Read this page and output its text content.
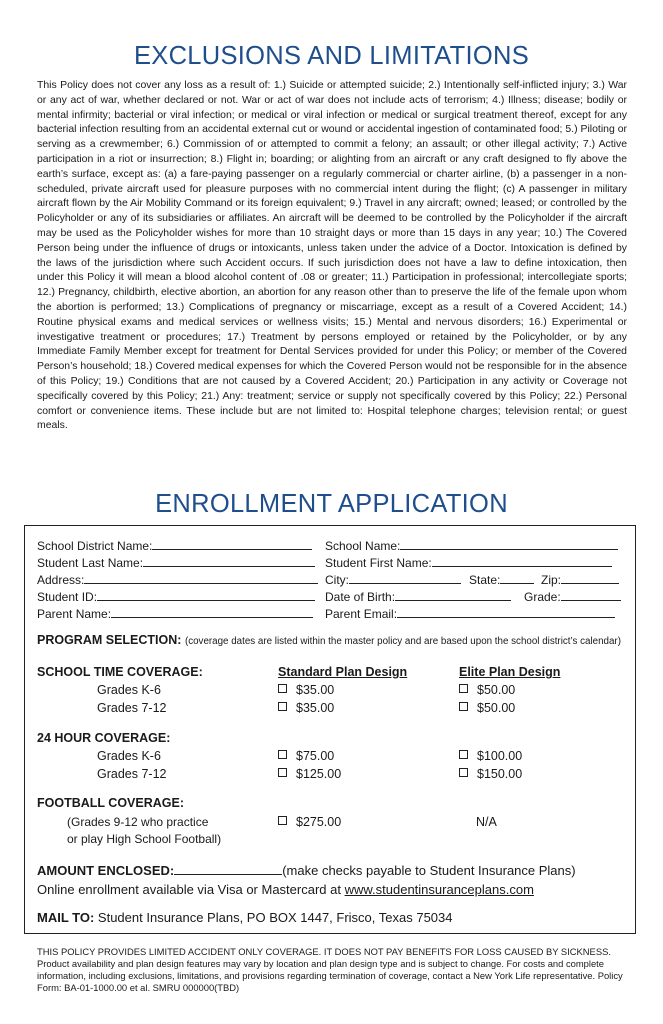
EXCLUSIONS AND LIMITATIONS

This Policy does not cover any loss as a result of: 1.) Suicide or attempted suicide; 2.) Intentionally self-inflicted injury; 3.) War or any act of war, whether declared or not. War or act of war does not include acts of terrorism; 4.) Illness; disease; bodily or mental infirmity; bacterial or viral infection; or medical or viral infection or medical or surgical treatment thereof, except for any bacterial infection resulting from an accidental external cut or wound or accidental ingestion of contaminated food; 5.) Piloting or serving as a crewmember; 6.) Commission of or attempted to commit a felony; an assault; or other illegal activity; 7.) Active participation in a riot or insurrection; 8.) Flight in; boarding; or alighting from an aircraft or any craft designed to fly above the earth’s surface, except as: (a) a fare-paying passenger on a regularly commercial or charter airline, (b) a passenger in a non-scheduled, private aircraft used for pleasure purposes with no commercial intent during the flight; (c) A passenger in military aircraft flown by the Air Mobility Command or its foreign equivalent; 9.) Travel in any aircraft; owned; leased; or controlled by the Policyholder or any of its subsidiaries or affiliates. An aircraft will be deemed to be controlled by the Policyholder if the aircraft may be used as the Policyholder wishes for more than 10 straight days or more than 15 days in any year; 10.) The Covered Person being under the influence of drugs or intoxicants, unless taken under the advice of a Doctor. Intoxication is defined by the laws of the jurisdiction where such Accident occurs. If such jurisdiction does not have a law to define intoxication, then under this Policy it will mean a blood alcohol content of .08 or greater; 11.) Participation in professional; intercollegiate sports; 12.) Pregnancy, childbirth, elective abortion, an abortion for any reason other than to preserve the life of the female upon whom the abortion is performed; 13.) Complications of pregnancy or miscarriage, except as a result of a Covered Accident; 14.) Routine physical exams and medical services or wellness visits; 15.) Mental and nervous disorders; 16.) Experimental or investigative treatment or procedures; 17.) Treatment by persons employed or retained by the Policyholder, or by any Immediate Family Member except for treatment for Dental Services provided for under this Policy; or member of the Covered Person’s household; 18.) Covered medical expenses for which the Covered Person would not be responsible for in the absence of this Policy; 19.) Conditions that are not caused by a Covered Accident; 20.) Participation in any activity or Coverage not specifically covered by this Policy; 21.) Any: treatment; service or supply not specifically covered by this Policy; 22.) Personal comfort or convenience items. These include but are not limited to: Hospital telephone charges; television rental; or guest meals.

ENROLLMENT APPLICATION
School District Name:	School Name:
Student Last Name:	Student First Name:
Address:	City:	State:	Zip:
Student ID:	Date of Birth:	Grade:
Parent Name:	Parent Email:
PROGRAM SELECTION: (coverage dates are listed within the master policy and are based upon the school district’s calendar)
SCHOOL TIME COVERAGE:	Standard Plan Design	Elite Plan Design
Grades K-6	$35.00	$50.00
Grades 7-12	$35.00	$50.00
24 HOUR COVERAGE:
Grades K-6	$75.00	$100.00
Grades 7-12	$125.00	$150.00
FOOTBALL COVERAGE:
(Grades 9-12 who practice
or play High School Football)
$275.00	N/A
AMOUNT ENCLOSED:	(make checks payable to Student Insurance Plans)
Online enrollment available via Visa or Mastercard at www.studentinsuranceplans.com
MAIL TO: Student Insurance Plans, PO BOX 1447, Frisco, Texas 75034

THIS POLICY PROVIDES LIMITED ACCIDENT ONLY COVERAGE. IT DOES NOT PAY BENEFITS FOR LOSS CAUSED BY SICKNESS. Product availability and plan design features may vary by location and plan design type and is subject to change. For costs and complete information, including exclusions, limitations, and provisions regarding termination of coverage, contact a New York Life representative. Policy Form: BA-01-1000.00 et al. SMRU 000000(TBD)
